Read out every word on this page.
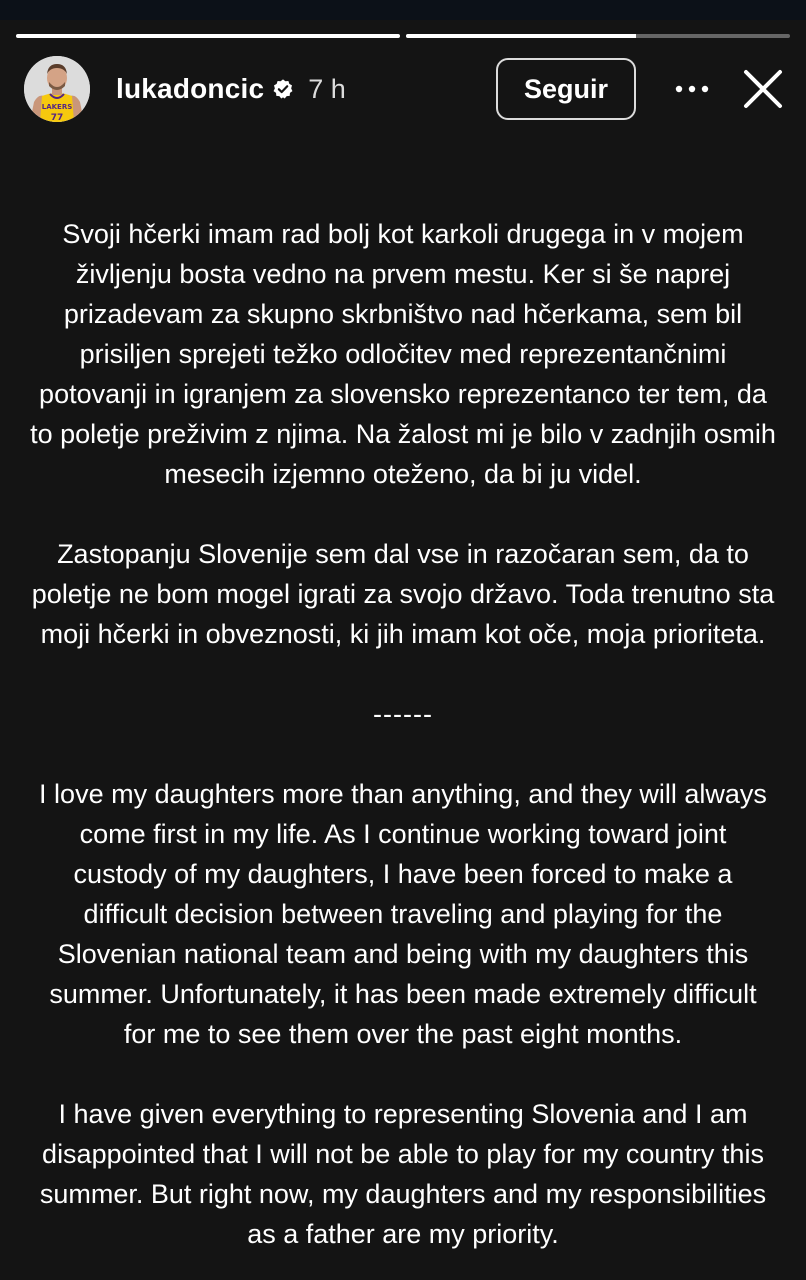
LAKERS
77
lukadoncic 7 h	Seguir

Svoji hčerki imam rad bolj kot karkoli drugega in v mojem življenju bosta vedno na prvem mestu. Ker si še naprej prizadevam za skupno skrbništvo nad hčerkama, sem bil prisiljen sprejeti težko odločitev med reprezentančnimi potovanji in igranjem za slovensko reprezentanco ter tem, da to poletje preživim z njima. Na žalost mi je bilo v zadnjih osmih mesecih izjemno oteženo, da bi ju videl.

Zastopanju Slovenije sem dal vse in razočaran sem, da to poletje ne bom mogel igrati za svojo državo. Toda trenutno sta moji hčerki in obveznosti, ki jih imam kot oče, moja prioriteta.

------

I love my daughters more than anything, and they will always come first in my life. As I continue working toward joint custody of my daughters, I have been forced to make a difficult decision between traveling and playing for the Slovenian national team and being with my daughters this summer. Unfortunately, it has been made extremely difficult for me to see them over the past eight months.

I have given everything to representing Slovenia and I am disappointed that I will not be able to play for my country this summer. But right now, my daughters and my responsibilities as a father are my priority.
